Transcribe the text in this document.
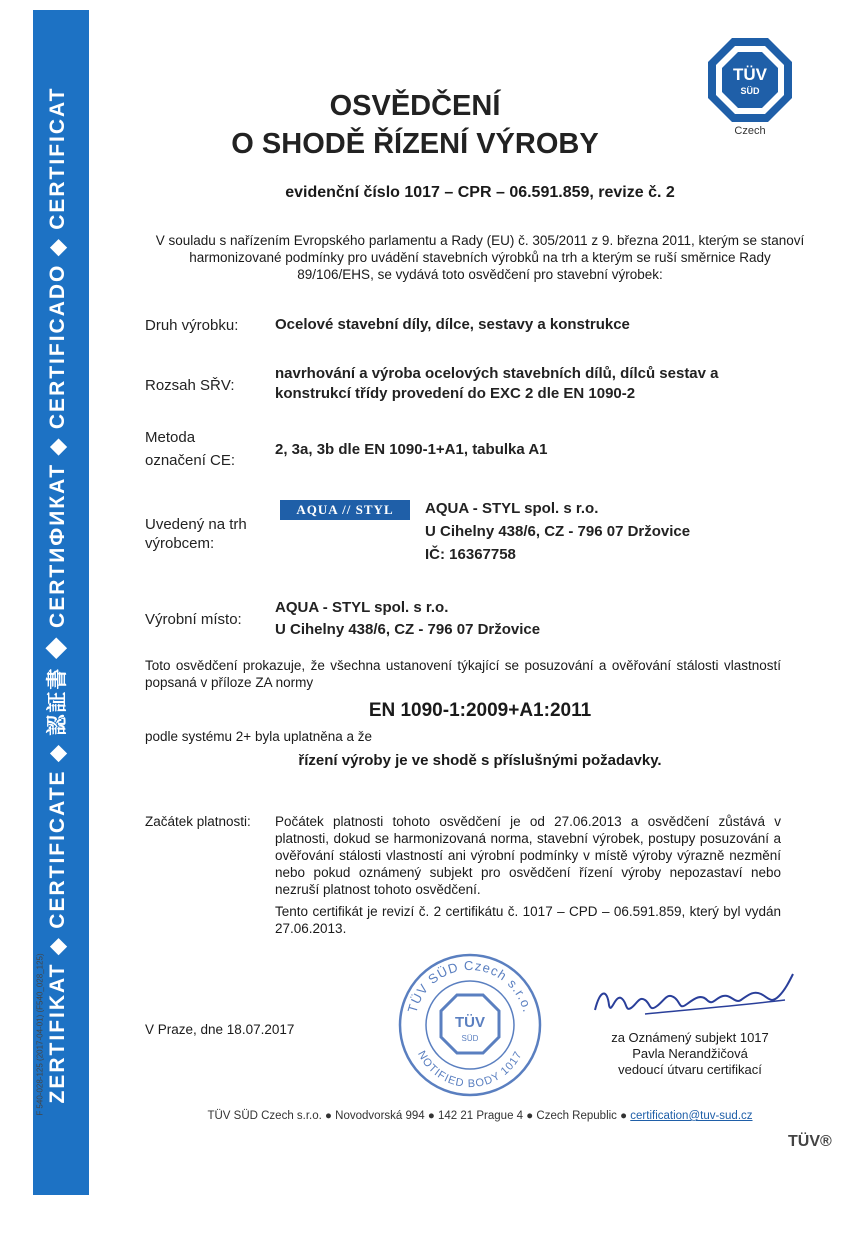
ZERTIFIKAT ◆ CERTIFICATE ◆ 認証書 ◆ CERTИФИКАТ ◆ CERTIFICADO ◆ CERTIFICAT
F 540-028-125 (2017-04-01) (F540_028_125)
TÜV
SÜD
Czech
OSVĚDČENÍ
O SHODĚ ŘÍZENÍ VÝROBY
evidenční číslo 1017 – CPR – 06.591.859, revize č. 2
V souladu s nařízením Evropského parlamentu a Rady (EU) č. 305/2011 z 9. března 2011, kterým se stanoví harmonizované podmínky pro uvádění stavebních výrobků na trh a kterým se ruší směrnice Rady 89/106/EHS, se vydává toto osvědčení pro stavební výrobek:
Druh výrobku: Ocelové stavební díly, dílce, sestavy a konstrukce
Rozsah SŘV:
navrhování a výroba ocelových stavebních dílů, dílců sestav a konstrukcí třídy provedení do EXC 2 dle EN 1090-2
Metoda
označení CE:
2, 3a, 3b dle EN 1090-1+A1, tabulka A1
Uvedený na trh
výrobcem:
AQUA // STYL	AQUA - STYL spol. s r.o.
U Cihelny 438/6, CZ - 796 07 Držovice
IČ: 16367758
Výrobní místo:
AQUA - STYL spol. s r.o.
U Cihelny 438/6, CZ - 796 07 Držovice
Toto osvědčení prokazuje, že všechna ustanovení týkající se posuzování a ověřování stálosti vlastností popsaná v příloze ZA normy
EN 1090-1:2009+A1:2011
podle systému 2+ byla uplatněna a že
řízení výroby je ve shodě s příslušnými požadavky.
Začátek platnosti: Počátek platnosti tohoto osvědčení je od 27.06.2013 a osvědčení zůstává v platnosti, dokud se harmonizovaná norma, stavební výrobek, postupy posuzování a ověřování stálosti vlastností ani výrobní podmínky v místě výroby výrazně nezmění nebo pokud oznámený subjekt pro osvědčení řízení výroby nepozastaví nebo nezruší platnost tohoto osvědčení.
Tento certifikát je revizí č. 2 certifikátu č. 1017 – CPD – 06.591.859, který byl vydán 27.06.2013.
V Praze, dne 18.07.2017
TÜV SÜD Czech s.r.o.
NOTIFIED BODY 1017
TÜV
SÜD	za Oznámený subjekt 1017
Pavla Nerandžičová
vedoucí útvaru certifikací
TÜV SÜD Czech s.r.o. ● Novodvorská 994 ● 142 21 Prague 4 ● Czech Republic ● certification@tuv-sud.cz
TÜV®
